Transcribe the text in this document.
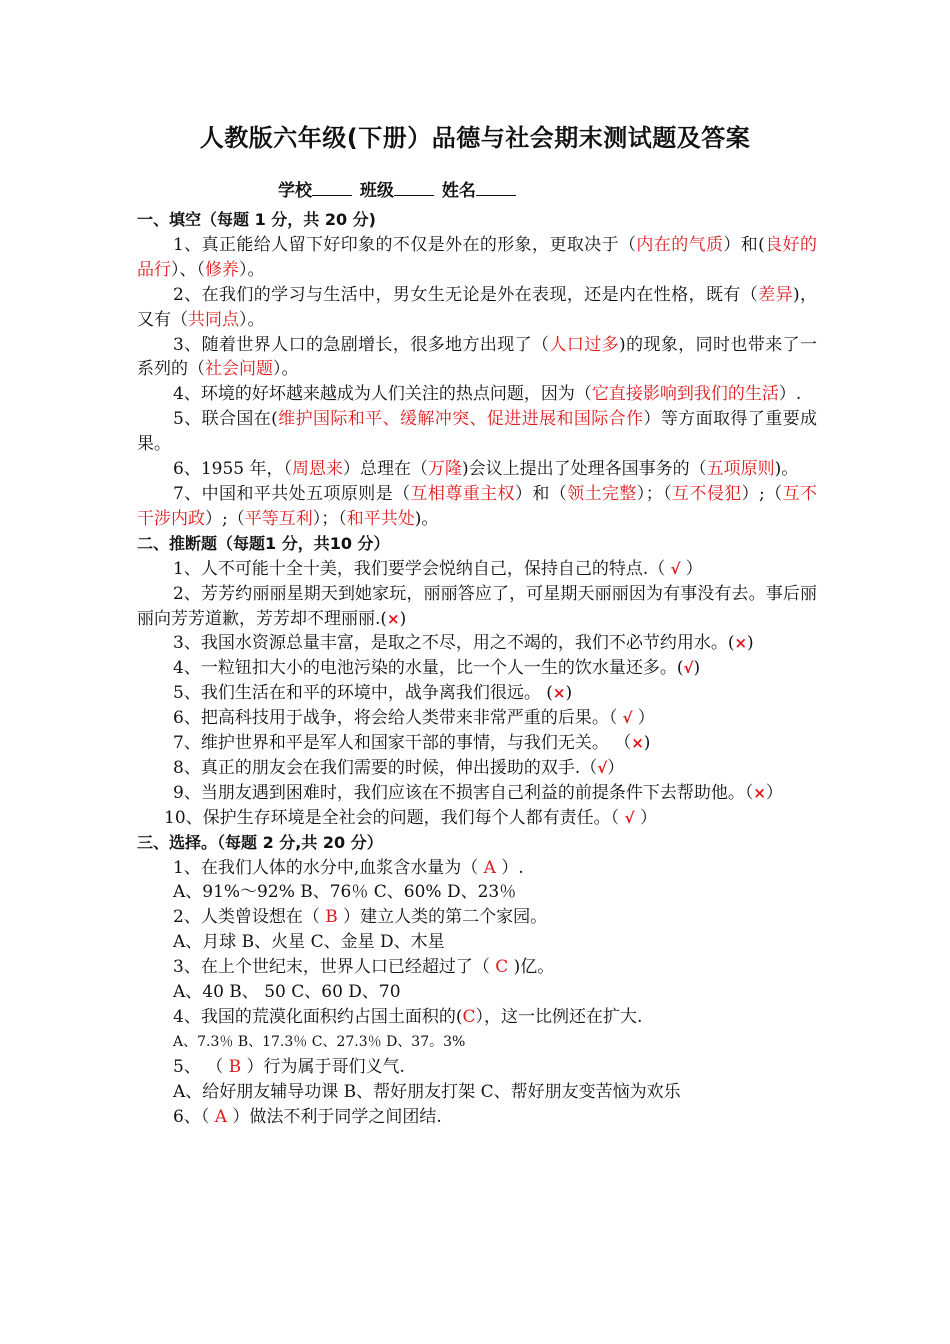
人教版六年级(下册）品德与社会期末测试题及答案
学校	班级	姓名
一、填空（每题 1 分，共 20 分)
1、真正能给人留下好印象的不仅是外在的形象，更取决于（内在的气质）和(良好的品行）、（修养）。
2、在我们的学习与生活中，男女生无论是外在表现，还是内在性格，既有（差异)，又有（共同点）。
3、随着世界人口的急剧增长，很多地方出现了（人口过多)的现象，同时也带来了一系列的（社会问题）。
4、环境的好坏越来越成为人们关注的热点问题，因为（它直接影响到我们的生活）.
5、联合国在(维护国际和平、缓解冲突、促进进展和国际合作）等方面取得了重要成果。
6、1955 年，（周恩来）总理在（万隆)会议上提出了处理各国事务的（五项原则)。
7、中国和平共处五项原则是（互相尊重主权）和（领土完整）；（互不侵犯）;（互不干涉内政）;（平等互利）；（和平共处)。
二、推断题（每题1 分，共10 分）
1、人不可能十全十美，我们要学会悦纳自己，保持自己的特点.（ √ ）
2、芳芳约丽丽星期天到她家玩，丽丽答应了，可星期天丽丽因为有事没有去。事后丽丽向芳芳道歉，芳芳却不理丽丽.(×)
3、我国水资源总量丰富，是取之不尽，用之不竭的，我们不必节约用水。(×)
4、一粒钮扣大小的电池污染的水量，比一个人一生的饮水量还多。(√)
5、我们生活在和平的环境中，战争离我们很远。 (×)
6、把高科技用于战争，将会给人类带来非常严重的后果。（ √ ）
7、维护世界和平是军人和国家干部的事情，与我们无关。 （×)
8、真正的朋友会在我们需要的时候，伸出援助的双手.（√）
9、当朋友遇到困难时，我们应该在不损害自己利益的前提条件下去帮助他。（×）
10、保护生存环境是全社会的问题，我们每个人都有责任。（ √ ）
三、选择。（每题 2 分,共 20 分）
1、在我们人体的水分中,血浆含水量为（ A ）.
A、91%～92% B、76％ C、60% D、23％
2、人类曾设想在（ B ）建立人类的第二个家园。
A、月球 B、火星 C、金星 D、木星
3、在上个世纪末，世界人口已经超过了（ C )亿。
A、40 B、 50 C、60 D、70
4、我国的荒漠化面积约占国土面积的(C），这一比例还在扩大.
A、7.3％ B、17.3％ C、27.3％ D、37。3%
5、 （ B ）行为属于哥们义气.
A、给好朋友辅导功课 B、帮好朋友打架 C、帮好朋友变苦恼为欢乐
6、（ A ）做法不利于同学之间团结.
